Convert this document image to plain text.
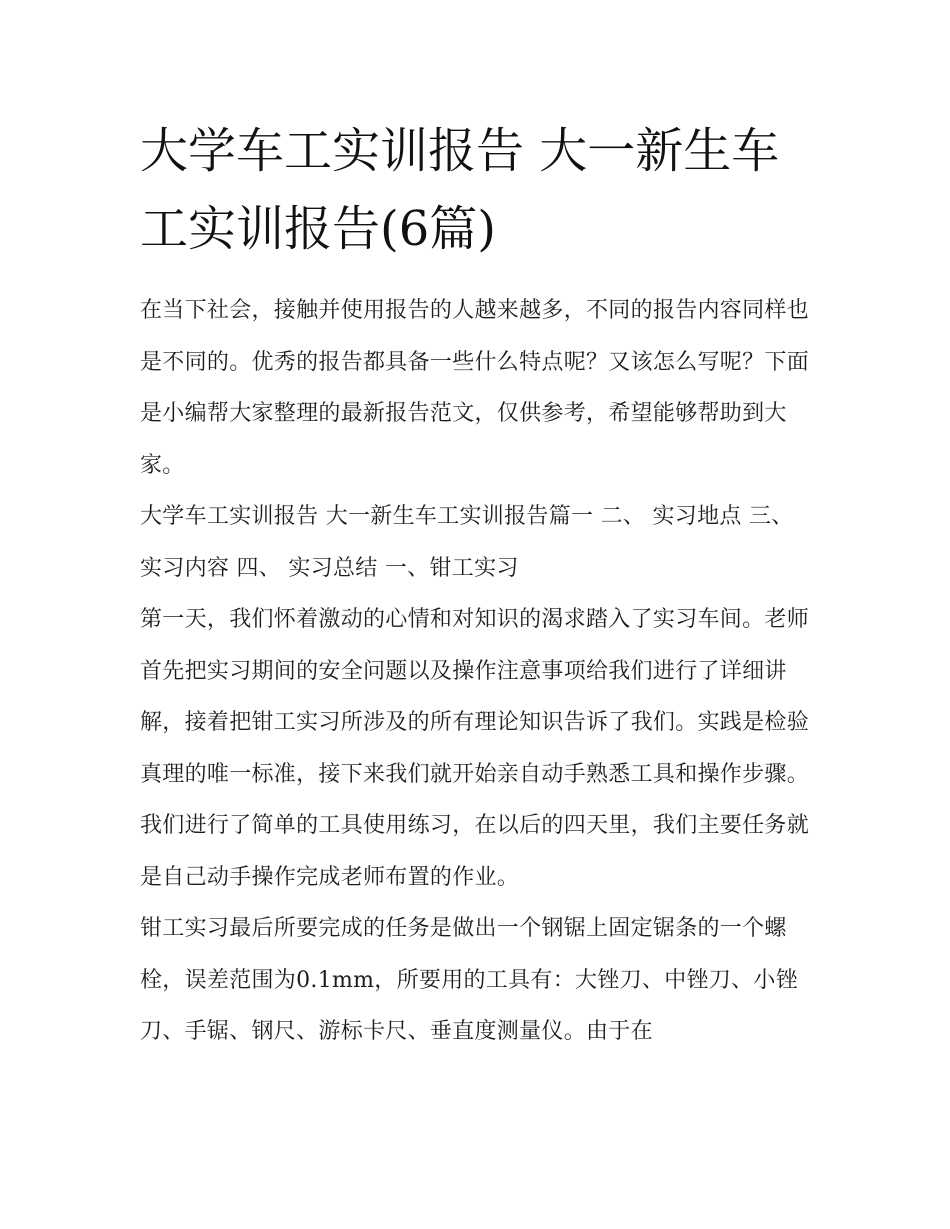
大学车工实训报告 大一新生车工实训报告(6篇)

在当下社会，接触并使用报告的人越来越多，不同的报告内容同样也是不同的。优秀的报告都具备一些什么特点呢？又该怎么写呢？下面是小编帮大家整理的最新报告范文，仅供参考，希望能够帮助到大家。

大学车工实训报告 大一新生车工实训报告篇一 二、 实习地点 三、 实习内容 四、 实习总结 一、钳工实习

第一天，我们怀着激动的心情和对知识的渴求踏入了实习车间。老师首先把实习期间的安全问题以及操作注意事项给我们进行了详细讲解，接着把钳工实习所涉及的所有理论知识告诉了我们。实践是检验真理的唯一标准，接下来我们就开始亲自动手熟悉工具和操作步骤。我们进行了简单的工具使用练习，在以后的四天里，我们主要任务就是自己动手操作完成老师布置的作业。

钳工实习最后所要完成的任务是做出一个钢锯上固定锯条的一个螺栓，误差范围为0.1mm，所要用的工具有：大锉刀、中锉刀、小锉刀、手锯、钢尺、游标卡尺、垂直度测量仪。由于在
